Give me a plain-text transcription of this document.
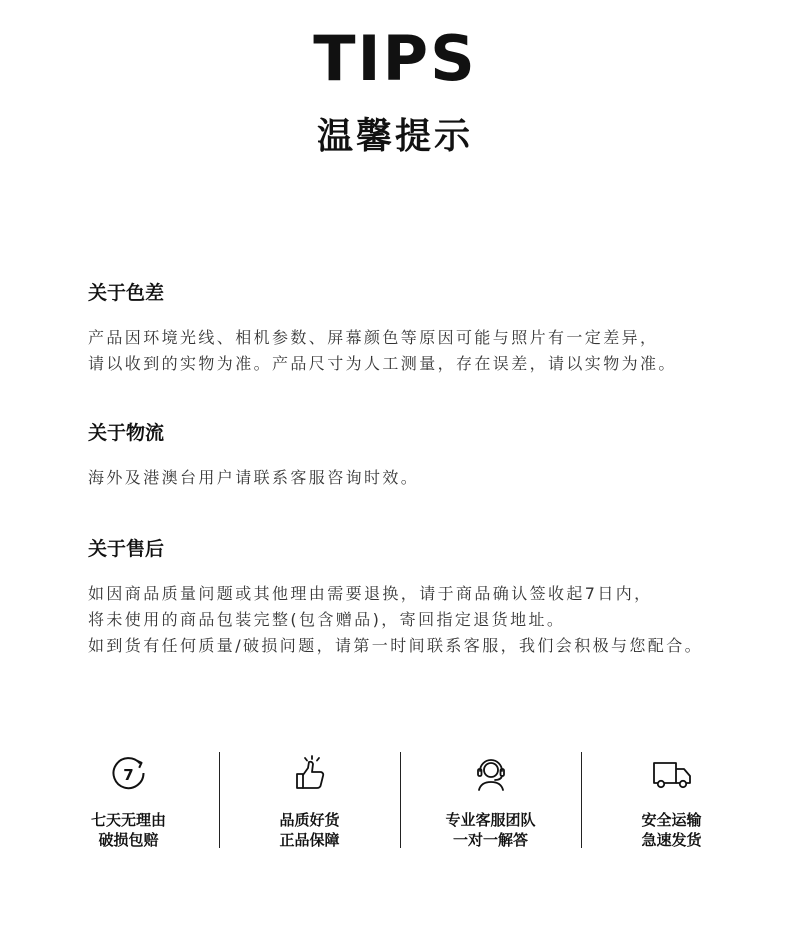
TIPS
温馨提示
关于色差
产品因环境光线、相机参数、屏幕颜色等原因可能与照片有一定差异，
请以收到的实物为准。产品尺寸为人工测量，存在误差，请以实物为准。
关于物流
海外及港澳台用户请联系客服咨询时效。
关于售后
如因商品质量问题或其他理由需要退换，请于商品确认签收起7日内，
将未使用的商品包装完整(包含赠品)，寄回指定退货地址。
如到货有任何质量/破损问题，请第一时间联系客服，我们会积极与您配合。
7
七天无理由
破损包赔
品质好货
正品保障
专业客服团队
一对一解答
安全运输
急速发货
